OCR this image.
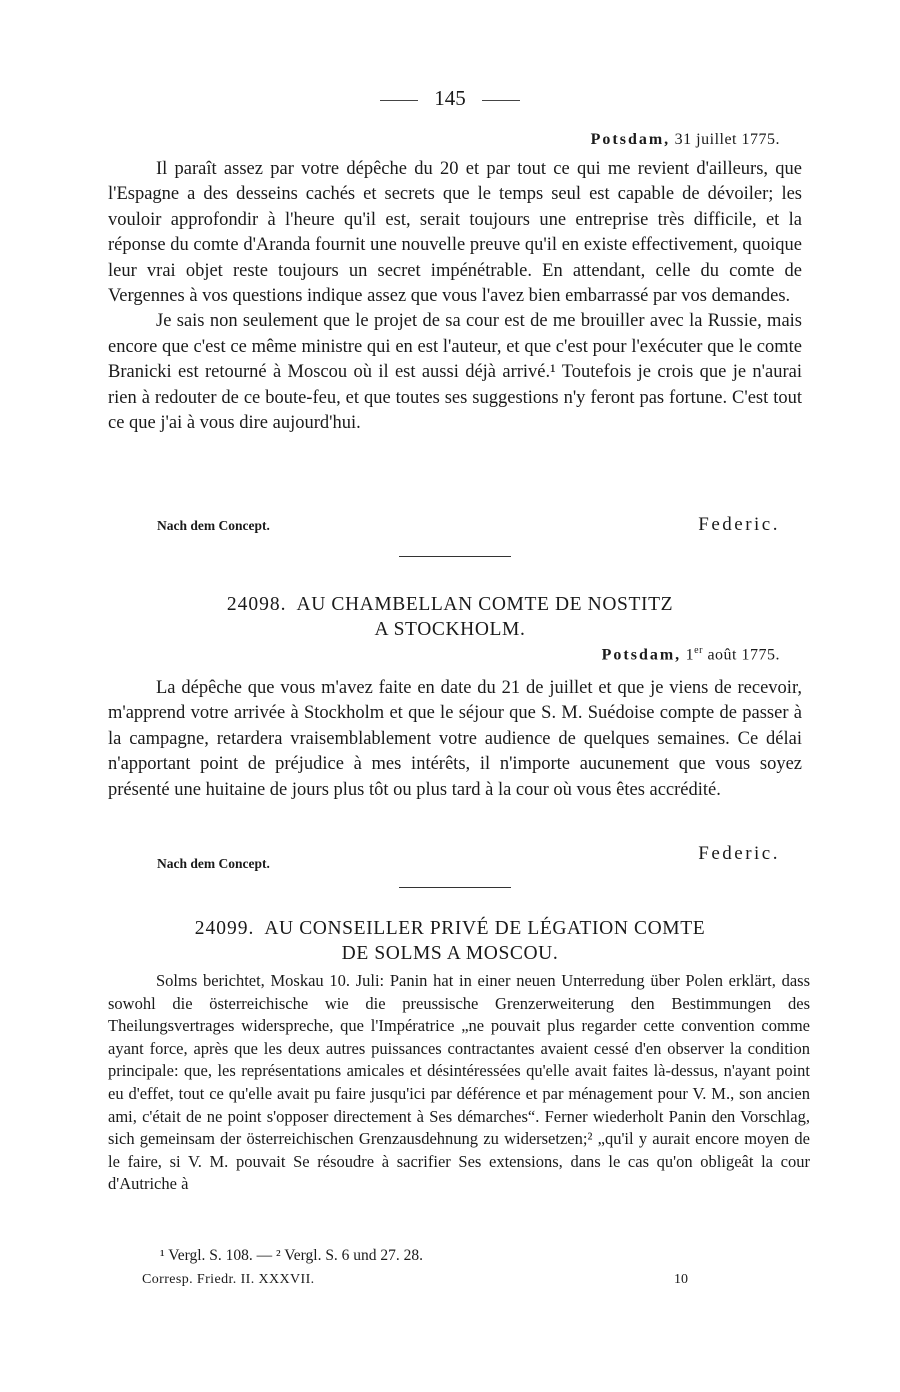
145
Potsdam, 31 juillet 1775.

Il paraît assez par votre dépêche du 20 et par tout ce qui me revient d'ailleurs, que l'Espagne a des desseins cachés et secrets que le temps seul est capable de dévoiler; les vouloir approfondir à l'heure qu'il est, serait toujours une entreprise très difficile, et la réponse du comte d'Aranda fournit une nouvelle preuve qu'il en existe effectivement, quoique leur vrai objet reste toujours un secret impénétrable. En attendant, celle du comte de Vergennes à vos questions indique assez que vous l'avez bien embarrassé par vos demandes.

Je sais non seulement que le projet de sa cour est de me brouiller avec la Russie, mais encore que c'est ce même ministre qui en est l'auteur, et que c'est pour l'exécuter que le comte Branicki est retourné à Moscou où il est aussi déjà arrivé.¹ Toutefois je crois que je n'aurai rien à redouter de ce boute-feu, et que toutes ses suggestions n'y feront pas fortune. C'est tout ce que j'ai à vous dire aujourd'hui.

Nach dem Concept.	Federic.
24098. AU CHAMBELLAN COMTE DE NOSTITZ
A STOCKHOLM.
Potsdam, 1er août 1775.

La dépêche que vous m'avez faite en date du 21 de juillet et que je viens de recevoir, m'apprend votre arrivée à Stockholm et que le séjour que S. M. Suédoise compte de passer à la campagne, retardera vraisemblablement votre audience de quelques semaines. Ce délai n'apportant point de préjudice à mes intérêts, il n'importe aucunement que vous soyez présenté une huitaine de jours plus tôt ou plus tard à la cour où vous êtes accrédité.

Nach dem Concept.	Federic.
24099. AU CONSEILLER PRIVÉ DE LÉGATION COMTE
DE SOLMS A MOSCOU.

Solms berichtet, Moskau 10. Juli: Panin hat in einer neuen Unterredung über Polen erklärt, dass sowohl die österreichische wie die preussische Grenzerweiterung den Bestimmungen des Theilungsvertrages widerspreche, que l'Impératrice „ne pouvait plus regarder cette convention comme ayant force, après que les deux autres puissances contractantes avaient cessé d'en observer la condition principale: que, les représentations amicales et désintéressées qu'elle avait faites là-dessus, n'ayant point eu d'effet, tout ce qu'elle avait pu faire jusqu'ici par déférence et par ménagement pour V. M., son ancien ami, c'était de ne point s'opposer directement à Ses démarches“. Ferner wiederholt Panin den Vorschlag, sich gemeinsam der österreichischen Grenzausdehnung zu widersetzen;² „qu'il y aurait encore moyen de le faire, si V. M. pouvait Se résoudre à sacrifier Ses extensions, dans le cas qu'on obligeât la cour d'Autriche à

¹ Vergl. S. 108. — ² Vergl. S. 6 und 27. 28.
Corresp. Friedr. II. XXXVII.	10
